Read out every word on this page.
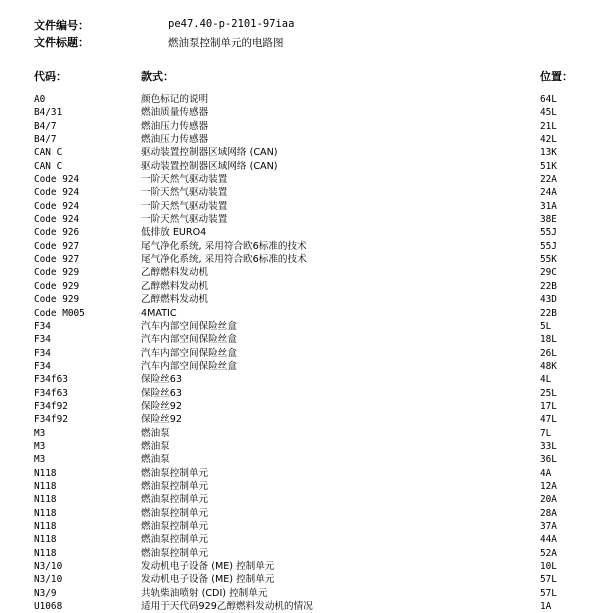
文件编号：	pe47.40-p-2101-97iaa
文件标题：	燃油泵控制单元的电路图
代码：	款式：	位置：
A0	颜色标记的说明	64L
B4/31	燃油质量传感器	45L
B4/7	燃油压力传感器	21L
B4/7	燃油压力传感器	42L
CAN C	驱动装置控制器区域网络 (CAN)	13K
CAN C	驱动装置控制器区域网络 (CAN)	51K
Code 924	一阶天然气驱动装置	22A
Code 924	一阶天然气驱动装置	24A
Code 924	一阶天然气驱动装置	31A
Code 924	一阶天然气驱动装置	38E
Code 926	低排放 EURO4	55J
Code 927	尾气净化系统, 采用符合欧6标准的技术	55J
Code 927	尾气净化系统, 采用符合欧6标准的技术	55K
Code 929	乙醇燃料发动机	29C
Code 929	乙醇燃料发动机	22B
Code 929	乙醇燃料发动机	43D
Code M005	4MATIC	22B
F34	汽车内部空间保险丝盒	5L
F34	汽车内部空间保险丝盒	18L
F34	汽车内部空间保险丝盒	26L
F34	汽车内部空间保险丝盒	48K
F34f63	保险丝63	4L
F34f63	保险丝63	25L
F34f92	保险丝92	17L
F34f92	保险丝92	47L
M3	燃油泵	7L
M3	燃油泵	33L
M3	燃油泵	36L
N118	燃油泵控制单元	4A
N118	燃油泵控制单元	12A
N118	燃油泵控制单元	20A
N118	燃油泵控制单元	28A
N118	燃油泵控制单元	37A
N118	燃油泵控制单元	44A
N118	燃油泵控制单元	52A
N3/10	发动机电子设备 (ME) 控制单元	10L
N3/10	发动机电子设备 (ME) 控制单元	57L
N3/9	共轨柴油喷射 (CDI) 控制单元	57L
U1068	适用于天代码929乙醇燃料发动机的情况	1A
